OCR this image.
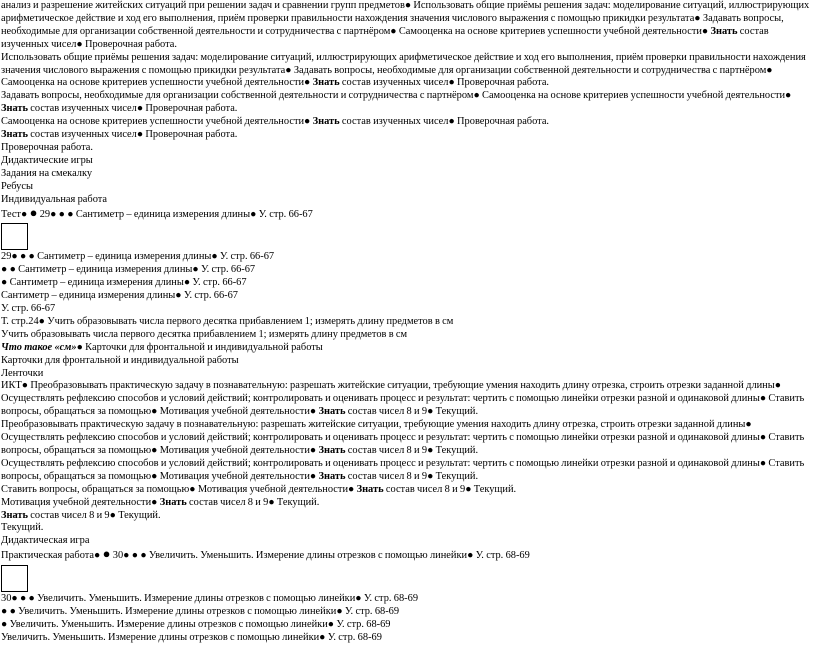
анализ и разрешение житейских ситуаций при решении задач и сравнении групп предметов● Использовать общие приёмы решения задач: моделирование ситуаций, иллюстрирующих арифметическое действие и ход его выполнения, приём проверки правильности нахождения значения числового выражения с помощью прикидки результата● Задавать вопросы, необходимые для организации собственной деятельности и сотрудничества с партнёром● Самооценка на основе критериев успешности учебной деятельности● Знать состав изученных чисел● Проверочная работа.
Использовать общие приёмы решения задач: моделирование ситуаций, иллюстрирующих арифметическое действие и ход его выполнения, приём проверки правильности нахождения значения числового выражения с помощью прикидки результата● Задавать вопросы, необходимые для организации собственной деятельности и сотрудничества с партнёром● Самооценка на основе критериев успешности учебной деятельности● Знать состав изученных чисел● Проверочная работа.
Задавать вопросы, необходимые для организации собственной деятельности и сотрудничества с партнёром● Самооценка на основе критериев успешности учебной деятельности● Знать состав изученных чисел● Проверочная работа.
Самооценка на основе критериев успешности учебной деятельности● Знать состав изученных чисел● Проверочная работа.
Знать состав изученных чисел● Проверочная работа.
Проверочная работа.
Дидактические игры
Задания на смекалку
Ребусы
Индивидуальная работа
Тест● ● 29● ● ● Сантиметр – единица измерения длины● У. стр. 66-67
29● ● ● Сантиметр – единица измерения длины● У. стр. 66-67
● ● Сантиметр – единица измерения длины● У. стр. 66-67
● Сантиметр – единица измерения длины● У. стр. 66-67
Сантиметр – единица измерения длины● У. стр. 66-67
У. стр. 66-67
Т. стр.24● Учить образовывать числа первого десятка прибавлением 1; измерять длину предметов в см
Учить образовывать числа первого десятка прибавлением 1; измерять длину предметов в см
Что такое «см»● Карточки для фронтальной и индивидуальной работы
Карточки для фронтальной и индивидуальной работы
Ленточки
ИКТ● Преобразовывать практическую задачу в познавательную: разрешать житейские ситуации, требующие умения находить длину отрезка, строить отрезки заданной длины● Осуществлять рефлексию способов и условий действий; контролировать и оценивать процесс и результат: чертить с помощью линейки отрезки разной и одинаковой длины● Ставить вопросы, обращаться за помощью● Мотивация учебной деятельности● Знать состав чисел 8 и 9● Текущий.
Преобразовывать практическую задачу в познавательную: разрешать житейские ситуации, требующие умения находить длину отрезка, строить отрезки заданной длины● Осуществлять рефлексию способов и условий действий; контролировать и оценивать процесс и результат: чертить с помощью линейки отрезки разной и одинаковой длины● Ставить вопросы, обращаться за помощью● Мотивация учебной деятельности● Знать состав чисел 8 и 9● Текущий.
Осуществлять рефлексию способов и условий действий; контролировать и оценивать процесс и результат: чертить с помощью линейки отрезки разной и одинаковой длины● Ставить вопросы, обращаться за помощью● Мотивация учебной деятельности● Знать состав чисел 8 и 9● Текущий.
Ставить вопросы, обращаться за помощью● Мотивация учебной деятельности● Знать состав чисел 8 и 9● Текущий.
Мотивация учебной деятельности● Знать состав чисел 8 и 9● Текущий.
Знать состав чисел 8 и 9● Текущий.
Текущий.
Дидактическая игра
Практическая работа● ● 30● ● ● Увеличить. Уменьшить. Измерение длины отрезков с помощью линейки● У. стр. 68-69
30● ● ● Увеличить. Уменьшить. Измерение длины отрезков с помощью линейки● У. стр. 68-69
● ● Увеличить. Уменьшить. Измерение длины отрезков с помощью линейки● У. стр. 68-69
● Увеличить. Уменьшить. Измерение длины отрезков с помощью линейки● У. стр. 68-69
Увеличить. Уменьшить. Измерение длины отрезков с помощью линейки● У. стр. 68-69
